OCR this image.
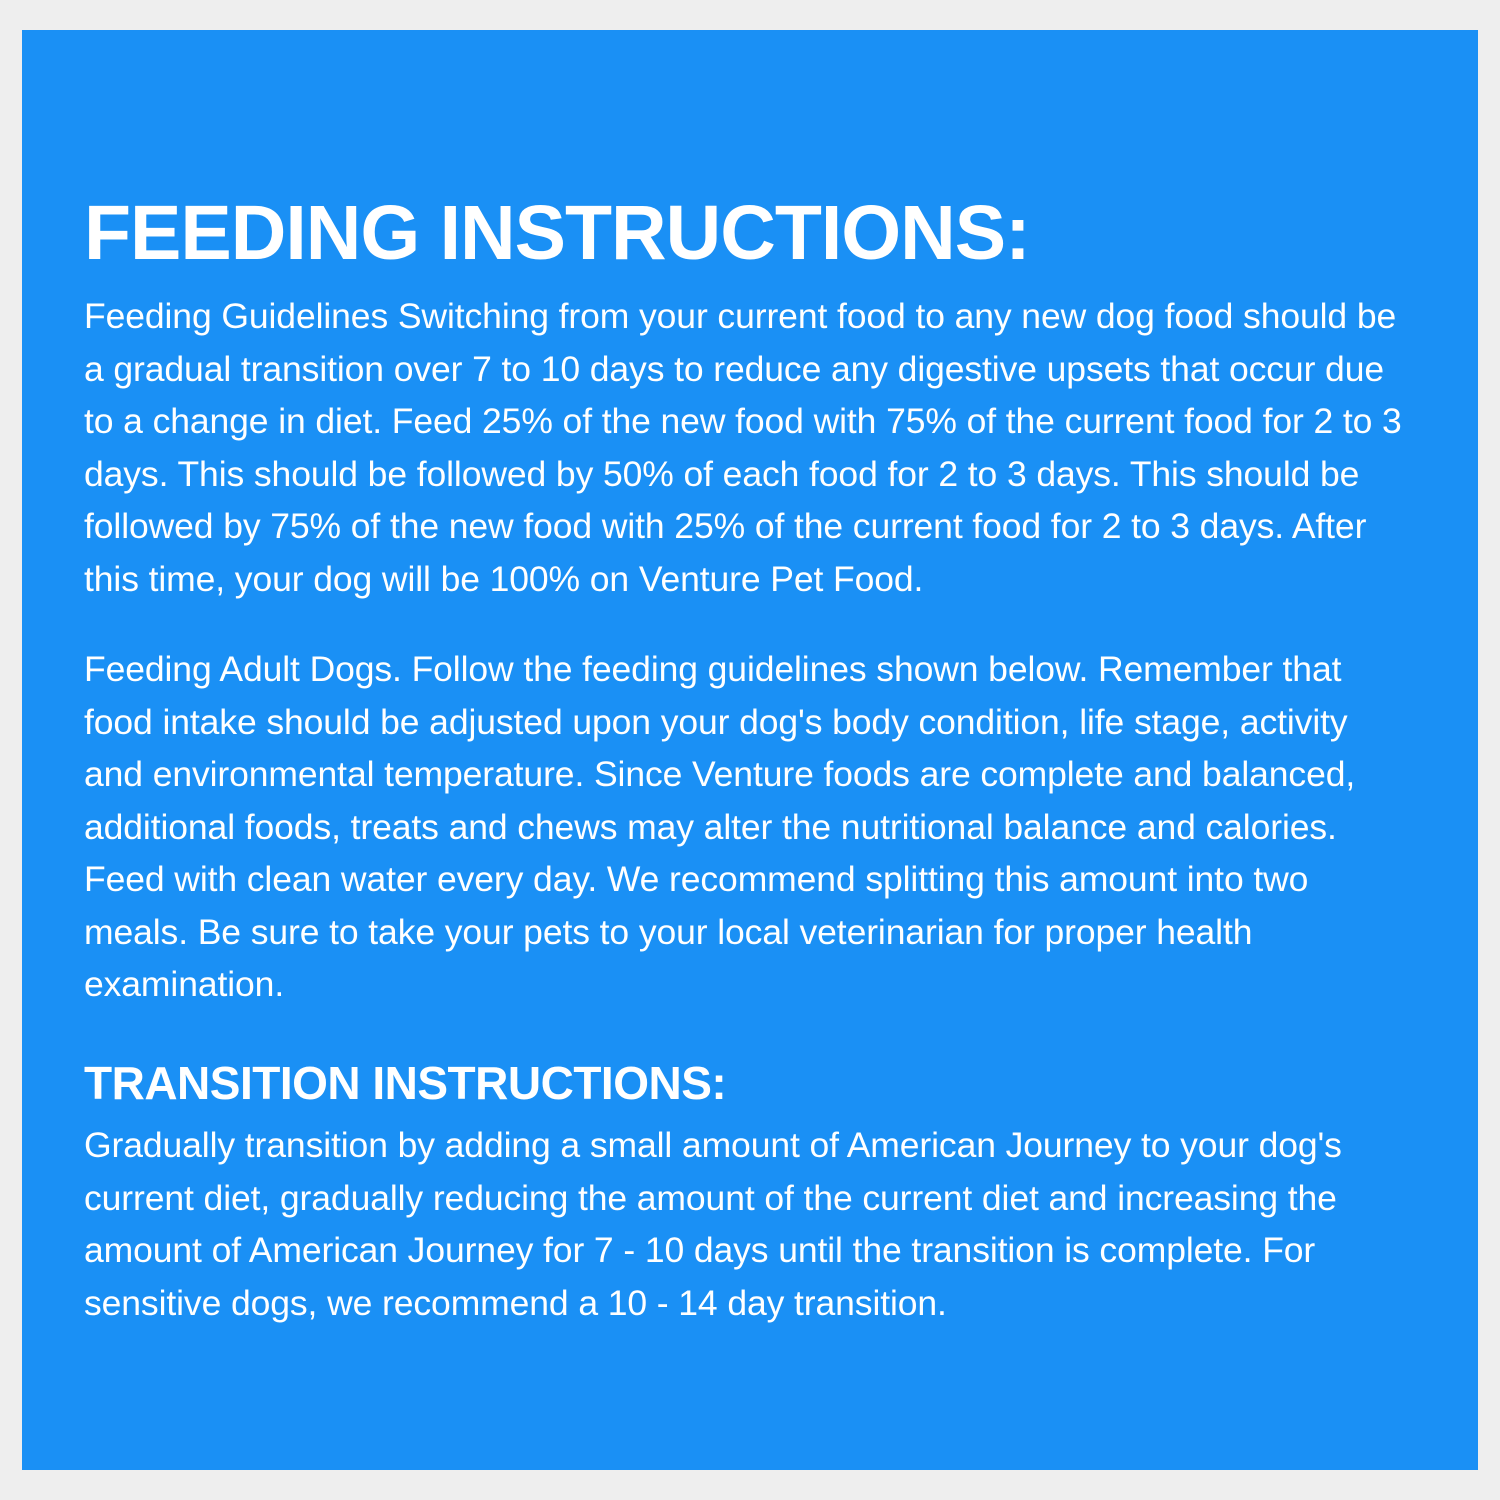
FEEDING INSTRUCTIONS:

Feeding Guidelines Switching from your current food to any new dog food should be a gradual transition over 7 to 10 days to reduce any digestive upsets that occur due to a change in diet. Feed 25% of the new food with 75% of the current food for 2 to 3 days. This should be followed by 50% of each food for 2 to 3 days. This should be followed by 75% of the new food with 25% of the current food for 2 to 3 days. After this time, your dog will be 100% on Venture Pet Food.

Feeding Adult Dogs. Follow the feeding guidelines shown below. Remember that food intake should be adjusted upon your dog's body condition, life stage, activity and environmental temperature. Since Venture foods are complete and balanced, additional foods, treats and chews may alter the nutritional balance and calories. Feed with clean water every day. We recommend splitting this amount into two meals. Be sure to take your pets to your local veterinarian for proper health examination.

TRANSITION INSTRUCTIONS:

Gradually transition by adding a small amount of American Journey to your dog's current diet, gradually reducing the amount of the current diet and increasing the amount of American Journey for 7 - 10 days until the transition is complete. For sensitive dogs, we recommend a 10 - 14 day transition.
